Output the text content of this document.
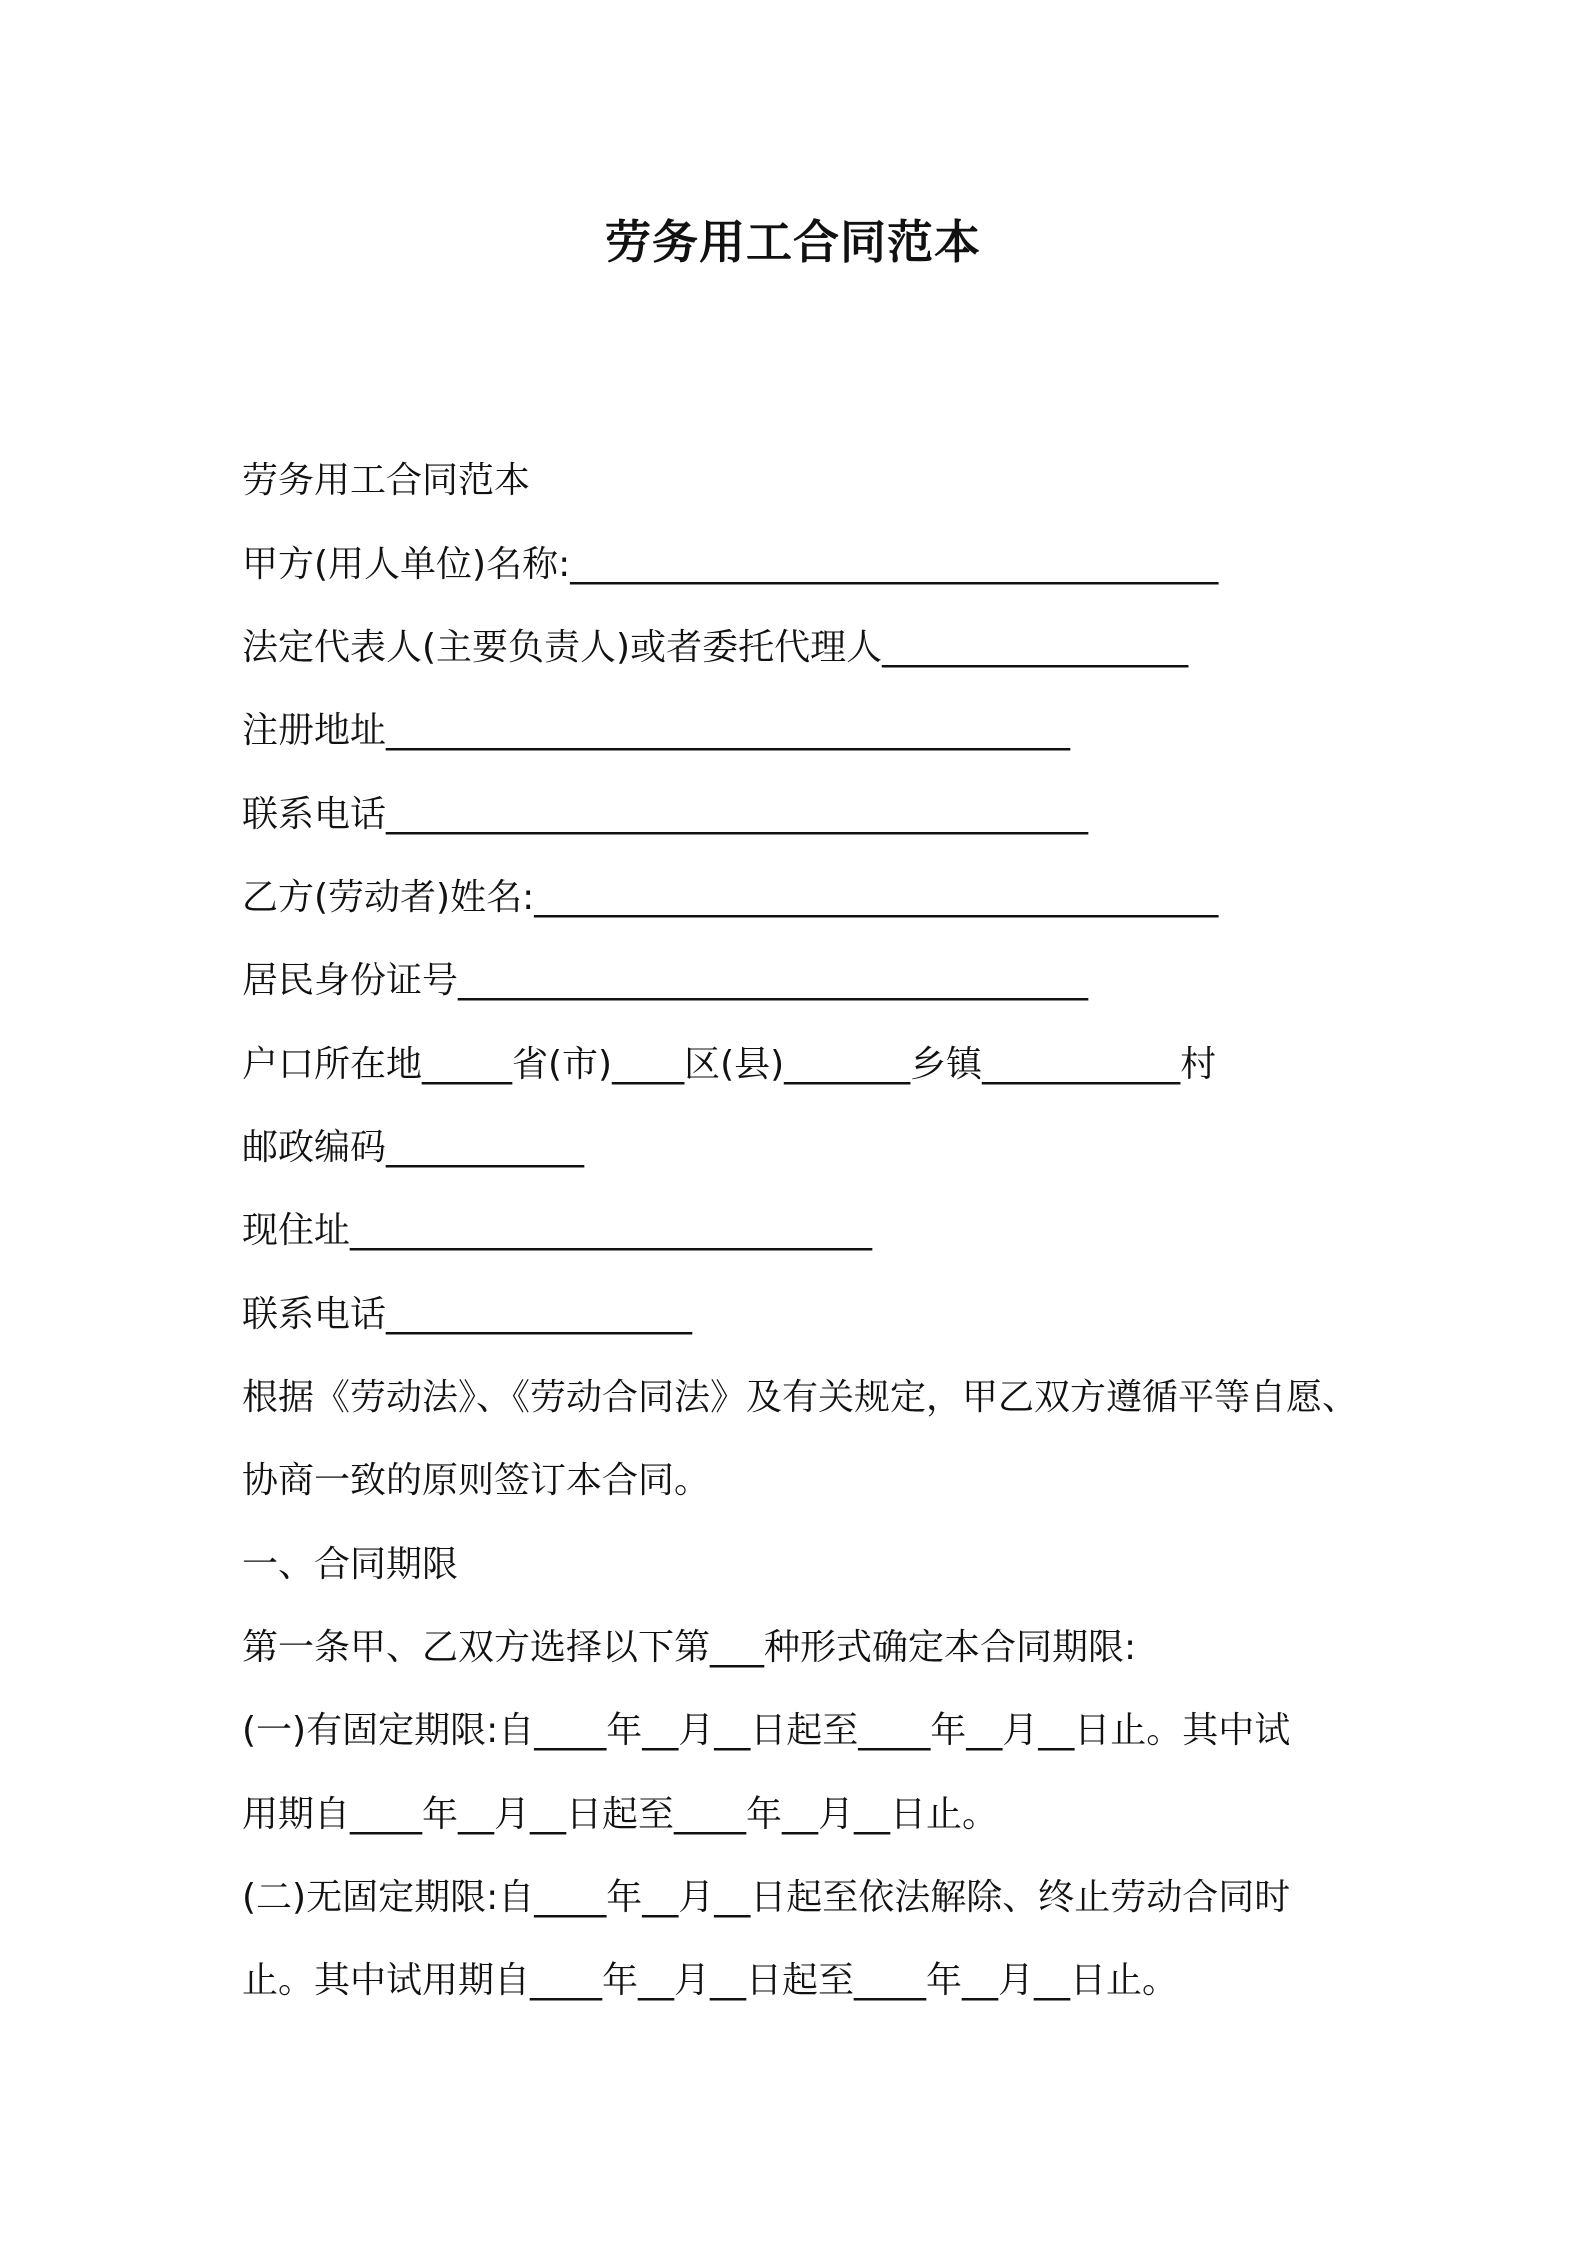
劳务用工合同范本
劳务用工合同范本
甲方(用人单位)名称:____________________________________
法定代表人(主要负责人)或者委托代理人_________________
注册地址______________________________________
联系电话_______________________________________
乙方(劳动者)姓名:______________________________________
居民身份证号___________________________________
户口所在地_____省(市)____区(县)_______乡镇___________村
邮政编码___________
现住址_____________________________
联系电话_________________
根据《劳动法》、《劳动合同法》及有关规定，甲乙双方遵循平等自愿、
协商一致的原则签订本合同。
一、合同期限
第一条甲、乙双方选择以下第___种形式确定本合同期限:
(一)有固定期限:自____年__月__日起至____年__月__日止。其中试
用期自____年__月__日起至____年__月__日止。
(二)无固定期限:自____年__月__日起至依法解除、终止劳动合同时
止。其中试用期自____年__月__日起至____年__月__日止。
